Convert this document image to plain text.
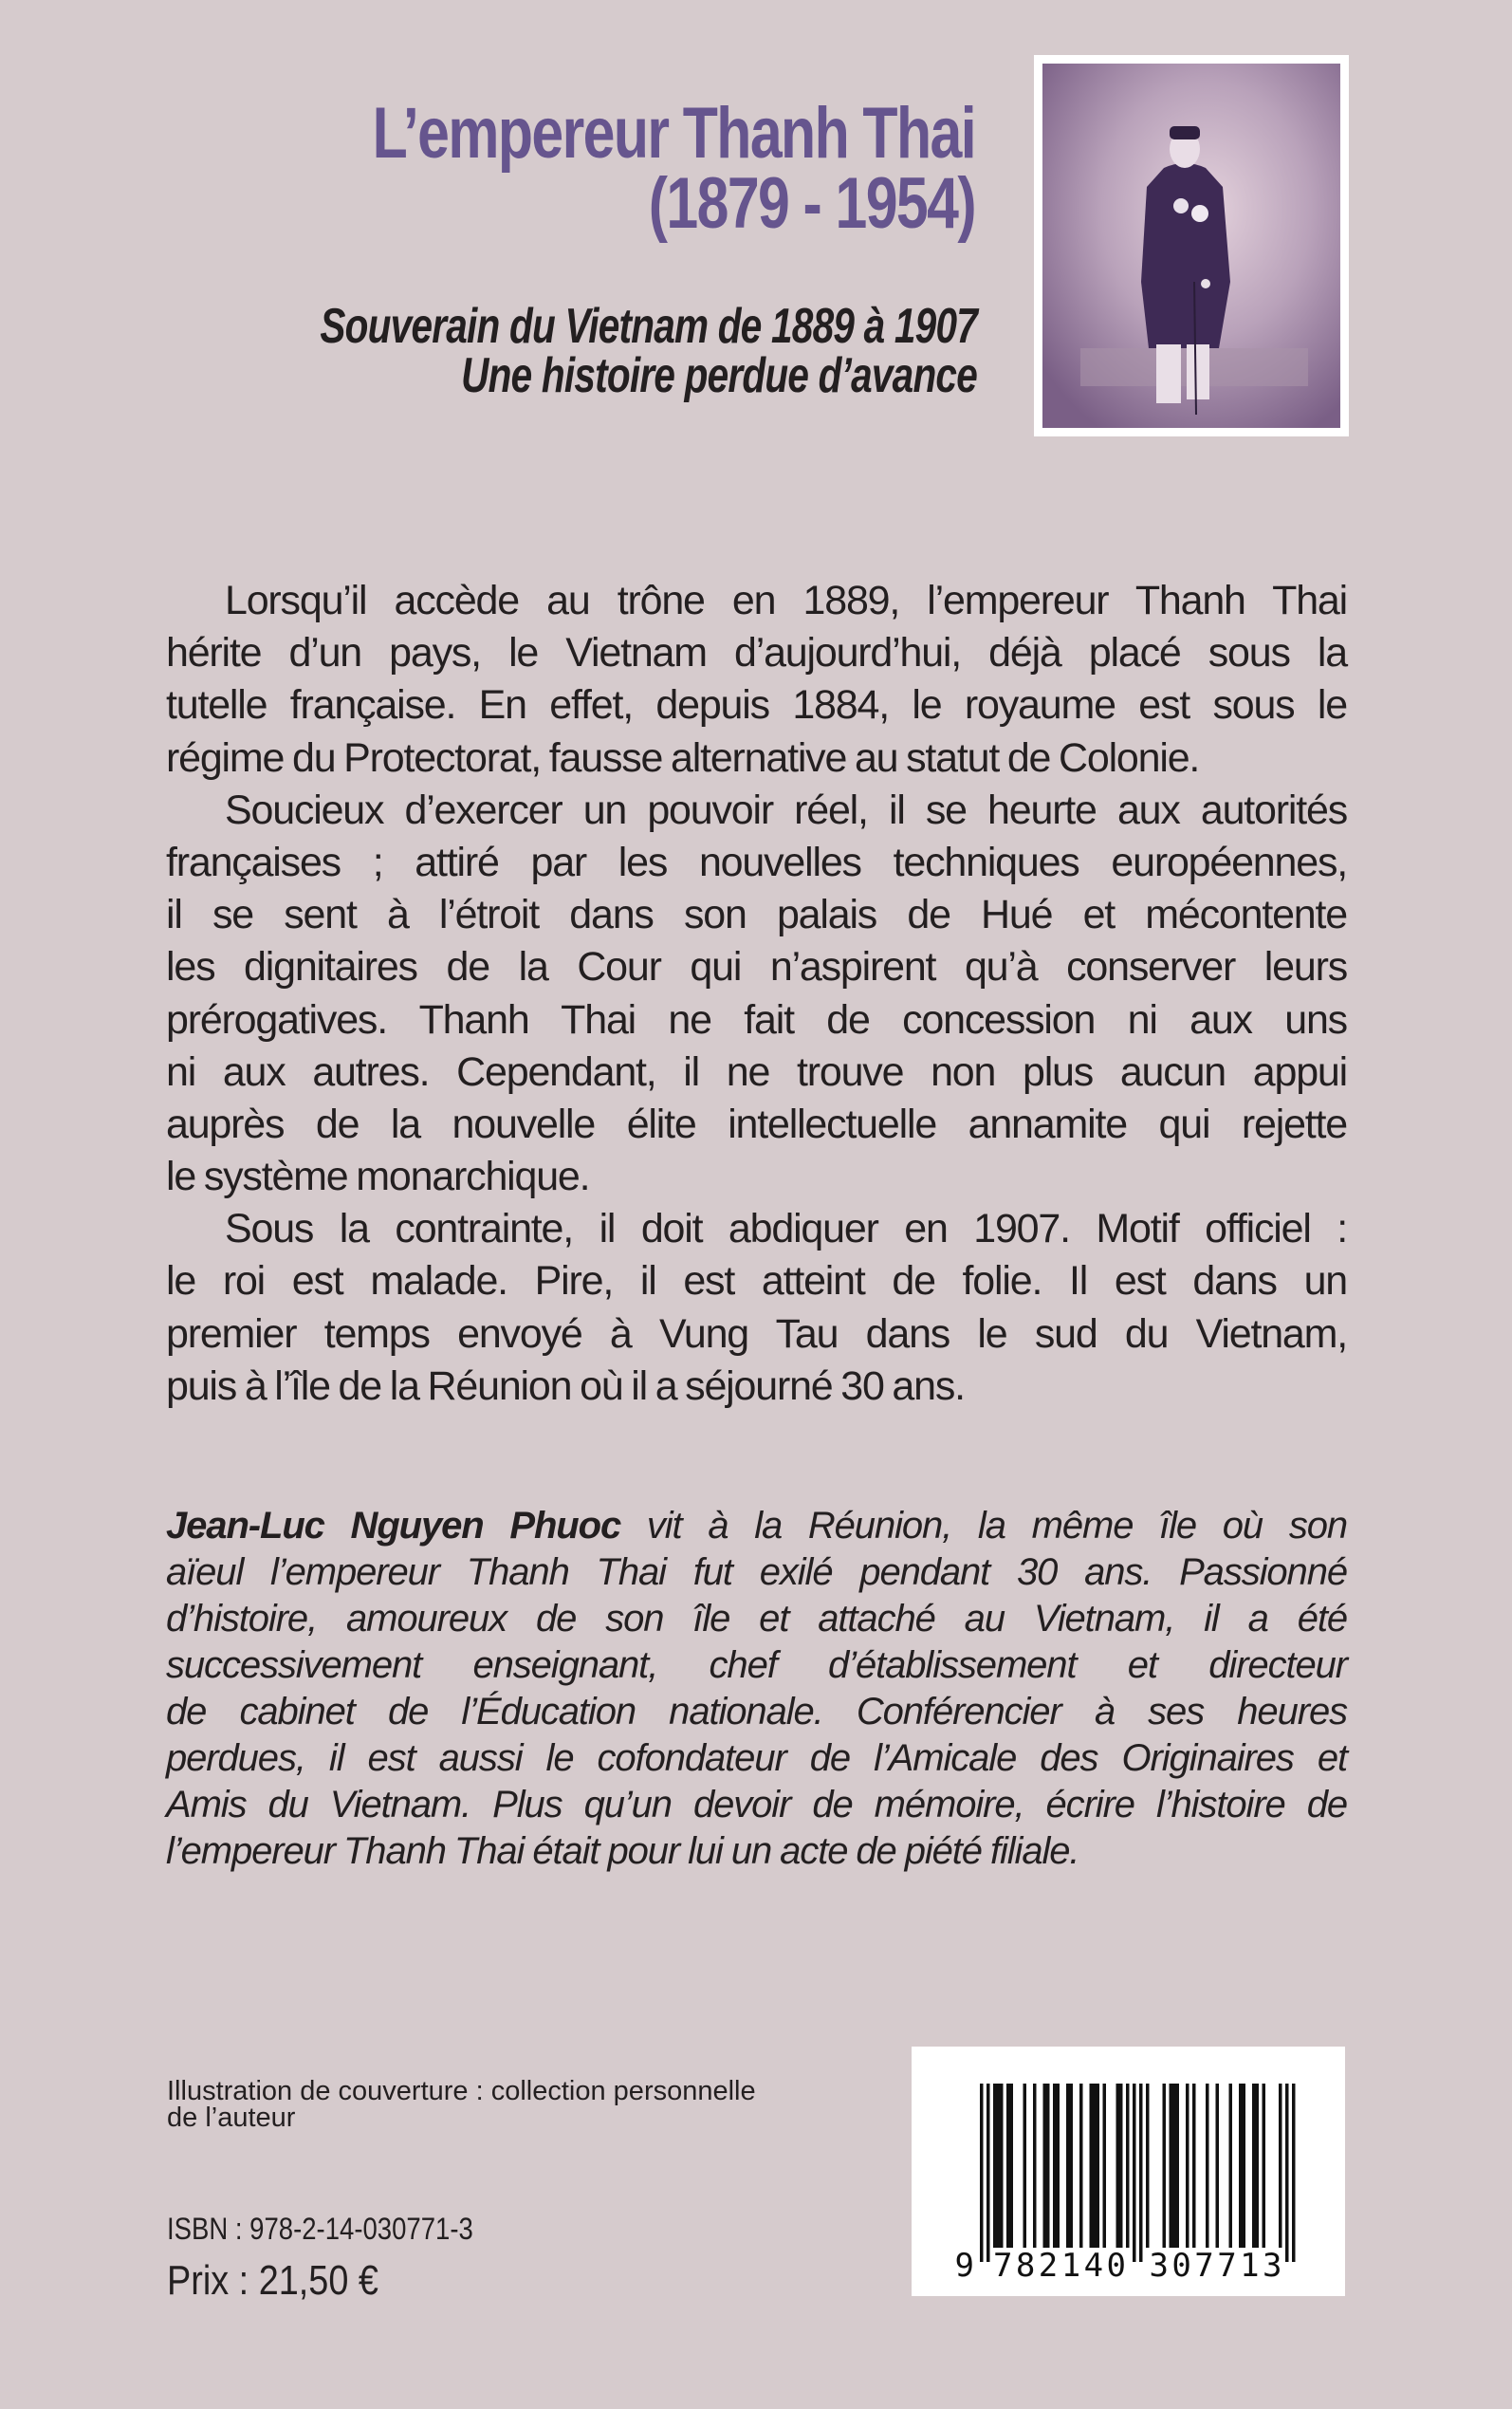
L’empereur Thanh Thai
(1879 - 1954)
Souverain du Vietnam de 1889 à 1907
Une histoire perdue d’avance
Lorsqu’il accède au trône en 1889, l’empereur Thanh Thai
hérite d’un pays, le Vietnam d’aujourd’hui, déjà placé sous la
tutelle française. En effet, depuis 1884, le royaume est sous le
régime du Protectorat, fausse alternative au statut de Colonie.
Soucieux d’exercer un pouvoir réel, il se heurte aux autorités
françaises ; attiré par les nouvelles techniques européennes,
il se sent à l’étroit dans son palais de Hué et mécontente
les dignitaires de la Cour qui n’aspirent qu’à conserver leurs
prérogatives. Thanh Thai ne fait de concession ni aux uns
ni aux autres. Cependant, il ne trouve non plus aucun appui
auprès de la nouvelle élite intellectuelle annamite qui rejette
le système monarchique.
Sous la contrainte, il doit abdiquer en 1907. Motif officiel :
le roi est malade. Pire, il est atteint de folie. Il est dans un
premier temps envoyé à Vung Tau dans le sud du Vietnam,
puis à l’île de la Réunion où il a séjourné 30 ans.
Jean-Luc Nguyen Phuoc vit à la Réunion, la même île où son
aïeul l’empereur Thanh Thai fut exilé pendant 30 ans. Passionné
d’histoire, amoureux de son île et attaché au Vietnam, il a été
successivement enseignant, chef d’établissement et directeur
de cabinet de l’Éducation nationale. Conférencier à ses heures
perdues, il est aussi le cofondateur de l’Amicale des Originaires et
Amis du Vietnam. Plus qu’un devoir de mémoire, écrire l’histoire de
l’empereur Thanh Thai était pour lui un acte de piété filiale.
Illustration de couverture : collection personnelle
de l’auteur
ISBN : 978-2-14-030771-3
Prix : 21,50 €	9 782140 307713
